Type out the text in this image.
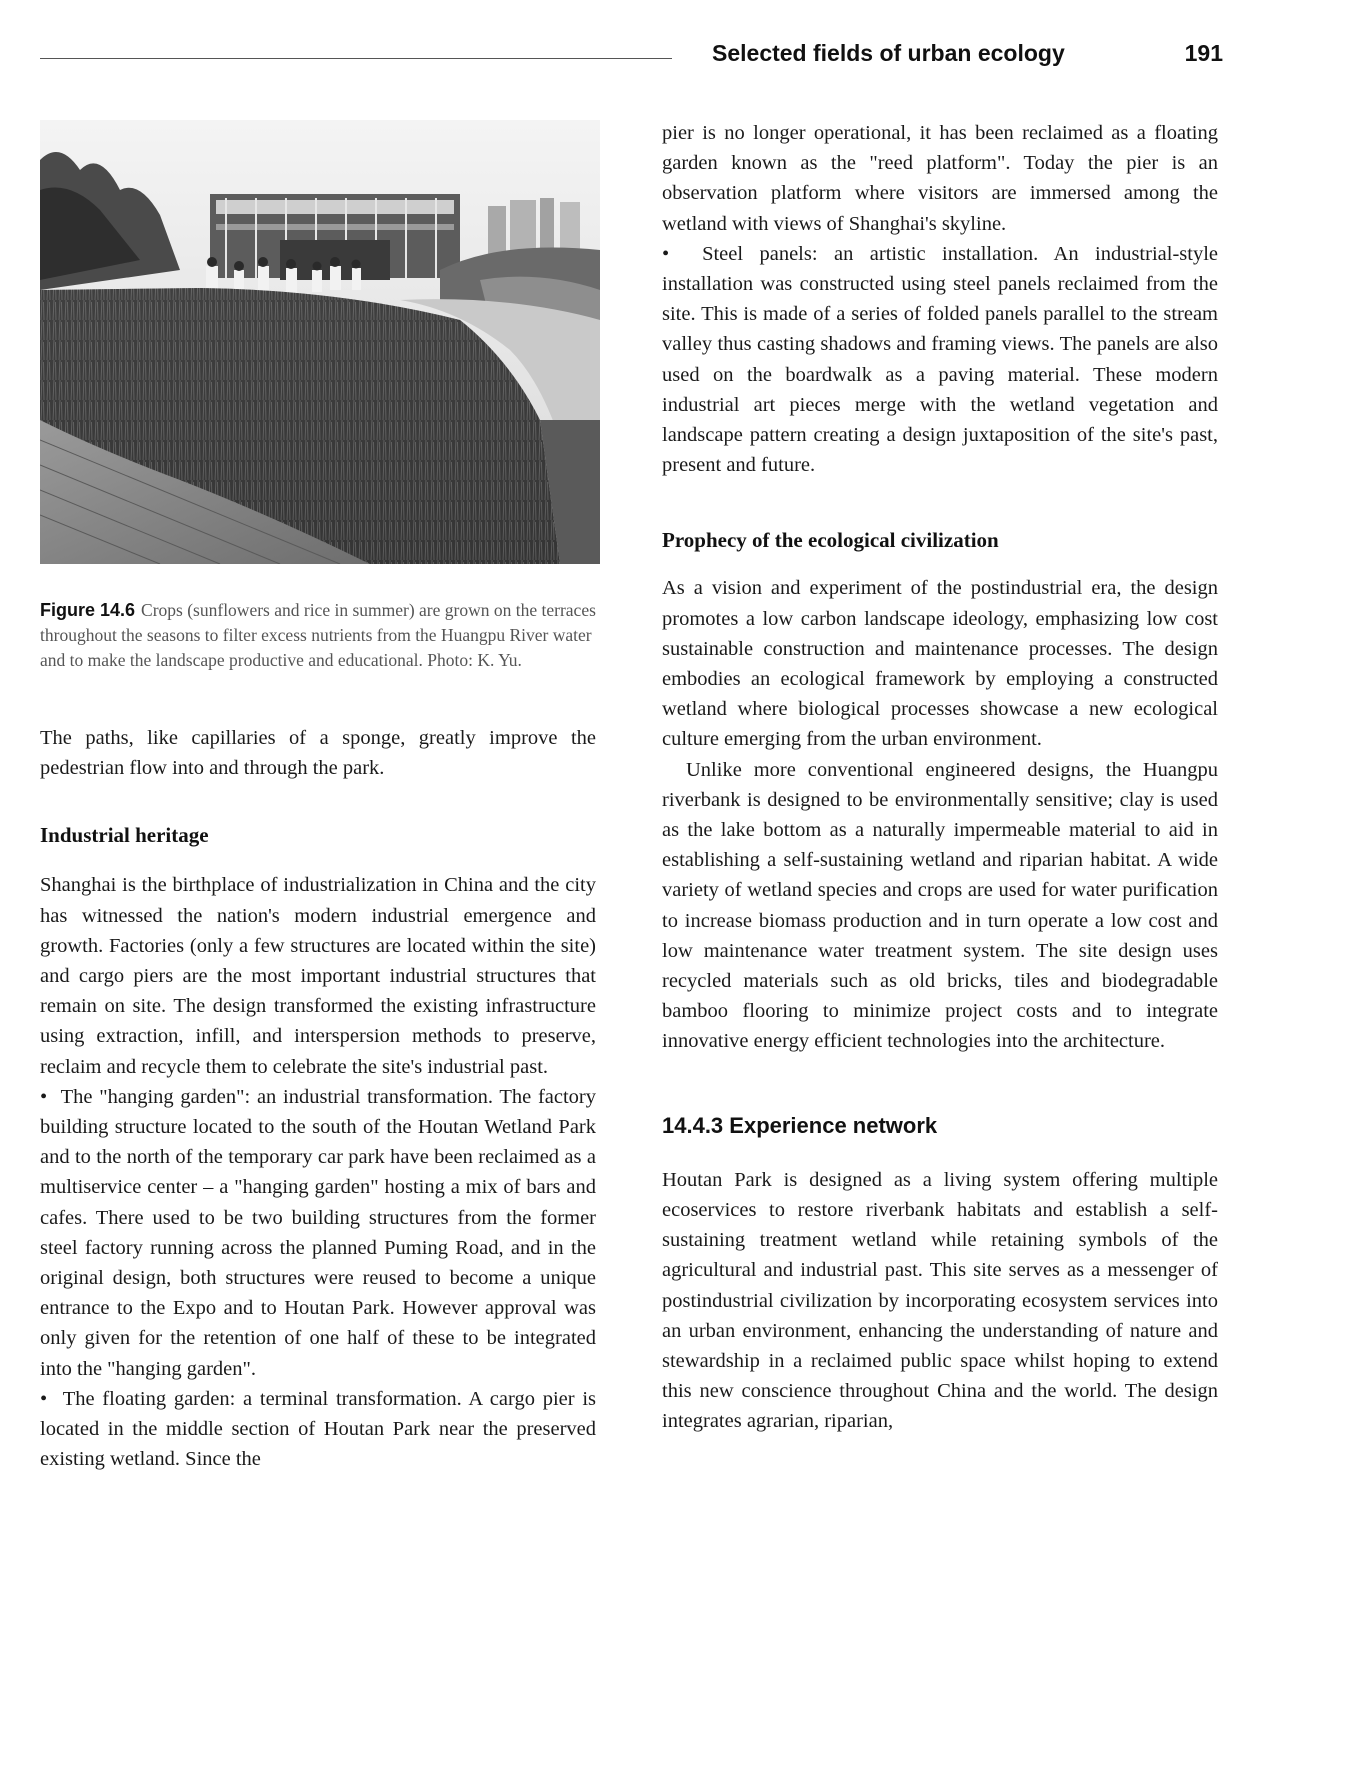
Selected fields of urban ecology	191
Figure 14.6 Crops (sunflowers and rice in summer) are grown on the terraces throughout the seasons to filter excess nutrients from the Huangpu River water and to make the landscape productive and educational. Photo: K. Yu.

The paths, like capillaries of a sponge, greatly improve the pedestrian flow into and through the park.

Industrial heritage

Shanghai is the birthplace of industrialization in China and the city has witnessed the nation's modern industrial emergence and growth. Factories (only a few structures are located within the site) and cargo piers are the most important industrial structures that remain on site. The design transformed the existing infrastructure using extraction, infill, and interspersion methods to preserve, reclaim and recycle them to celebrate the site's industrial past.

•  The "hanging garden": an industrial transformation. The factory building structure located to the south of the Houtan Wetland Park and to the north of the temporary car park have been reclaimed as a multiservice center – a "hanging garden" hosting a mix of bars and cafes. There used to be two building structures from the former steel factory running across the planned Puming Road, and in the original design, both structures were reused to become a unique entrance to the Expo and to Houtan Park. However approval was only given for the retention of one half of these to be integrated into the "hanging garden".

•  The floating garden: a terminal transformation. A cargo pier is located in the middle section of Houtan Park near the preserved existing wetland. Since the

pier is no longer operational, it has been reclaimed as a floating garden known as the "reed platform". Today the pier is an observation platform where visitors are immersed among the wetland with views of Shanghai's skyline.

•  Steel panels: an artistic installation. An industrial-style installation was constructed using steel panels reclaimed from the site. This is made of a series of folded panels parallel to the stream valley thus casting shadows and framing views. The panels are also used on the boardwalk as a paving material. These modern industrial art pieces merge with the wetland vegetation and landscape pattern creating a design juxtaposition of the site's past, present and future.

Prophecy of the ecological civilization

As a vision and experiment of the postindustrial era, the design promotes a low carbon landscape ideology, emphasizing low cost sustainable construction and maintenance processes. The design embodies an ecological framework by employing a constructed wetland where biological processes showcase a new ecological culture emerging from the urban environment.

Unlike more conventional engineered designs, the Huangpu riverbank is designed to be environmentally sensitive; clay is used as the lake bottom as a naturally impermeable material to aid in establishing a self-sustaining wetland and riparian habitat. A wide variety of wetland species and crops are used for water purification to increase biomass production and in turn operate a low cost and low maintenance water treatment system. The site design uses recycled materials such as old bricks, tiles and biodegradable bamboo flooring to minimize project costs and to integrate innovative energy efficient technologies into the architecture.

14.4.3 Experience network

Houtan Park is designed as a living system offering multiple ecoservices to restore riverbank habitats and establish a self-sustaining treatment wetland while retaining symbols of the agricultural and industrial past. This site serves as a messenger of postindustrial civilization by incorporating ecosystem services into an urban environment, enhancing the understanding of nature and stewardship in a reclaimed public space whilst hoping to extend this new conscience throughout China and the world. The design integrates agrarian, riparian,
